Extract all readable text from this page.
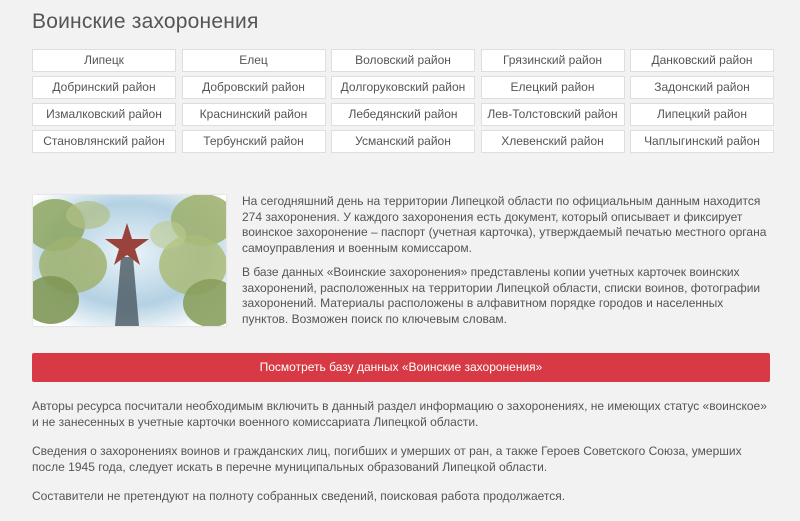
Воинские захоронения
Липецк	Елец	Воловский район	Грязинский район	Данковский район
Добринский район	Добровский район	Долгоруковский район	Елецкий район	Задонский район
Измалковский район	Краснинский район	Лебедянский район	Лев-Толстовский район	Липецкий район
Становлянский район	Тербунский район	Усманский район	Хлевенский район	Чаплыгинский район

На сегодняшний день на территории Липецкой области по официальным данным находится 274 захоронения. У каждого захоронения есть документ, который описывает и фиксирует воинское захоронение – паспорт (учетная карточка), утверждаемый печатью местного органа самоуправления и военным комиссаром.

В базе данных «Воинские захоронения» представлены копии учетных карточек воинских захоронений, расположенных на территории Липецкой области, списки воинов, фотографии захоронений. Материалы расположены в алфавитном порядке городов и населенных пунктов. Возможен поиск по ключевым словам.

Посмотреть базу данных «Воинские захоронения»

Авторы ресурса посчитали необходимым включить в данный раздел информацию о захоронениях, не имеющих статус «воинское» и не занесенных в учетные карточки военного комиссариата Липецкой области.

Сведения о захоронениях воинов и гражданских лиц, погибших и умерших от ран, а также Героев Советского Союза, умерших после 1945 года, следует искать в перечне муниципальных образований Липецкой области.

Составители не претендуют на полноту собранных сведений, поисковая работа продолжается.
